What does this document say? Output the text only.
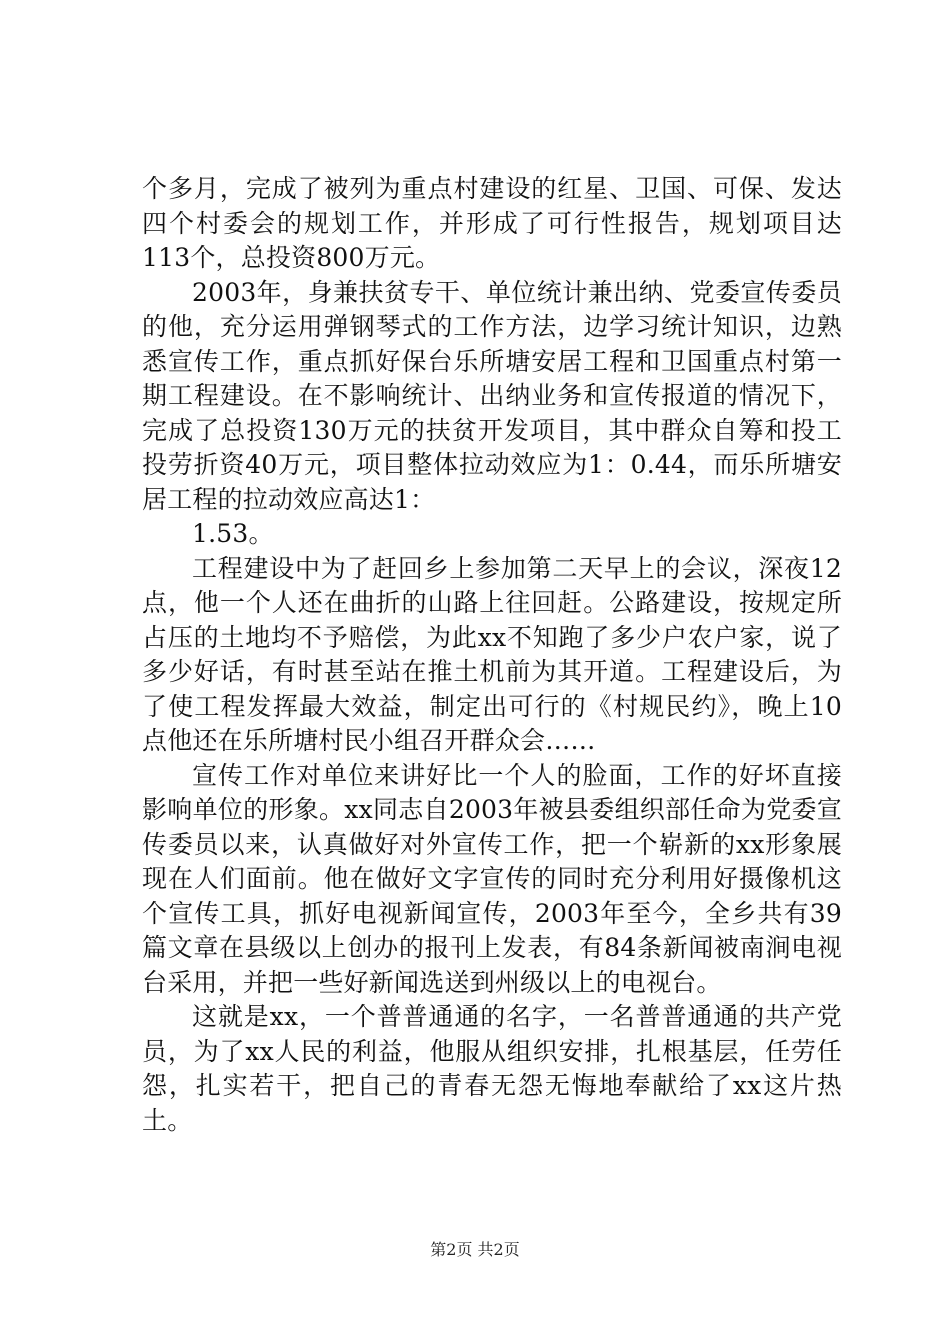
个多月，完成了被列为重点村建设的红星、卫国、可保、发达四个村委会的规划工作，并形成了可行性报告，规划项目达113个，总投资800万元。

2003年，身兼扶贫专干、单位统计兼出纳、党委宣传委员的他，充分运用弹钢琴式的工作方法，边学习统计知识，边熟悉宣传工作，重点抓好保台乐所塘安居工程和卫国重点村第一期工程建设。在不影响统计、出纳业务和宣传报道的情况下，完成了总投资130万元的扶贫开发项目，其中群众自筹和投工投劳折资40万元，项目整体拉动效应为1：0.44，而乐所塘安居工程的拉动效应高达1：

1.53。

工程建设中为了赶回乡上参加第二天早上的会议，深夜12点，他一个人还在曲折的山路上往回赶。公路建设，按规定所占压的土地均不予赔偿，为此xx不知跑了多少户农户家，说了多少好话，有时甚至站在推土机前为其开道。工程建设后，为了使工程发挥最大效益，制定出可行的《村规民约》，晚上10点他还在乐所塘村民小组召开群众会……

宣传工作对单位来讲好比一个人的脸面，工作的好坏直接影响单位的形象。xx同志自2003年被县委组织部任命为党委宣传委员以来，认真做好对外宣传工作，把一个崭新的xx形象展现在人们面前。他在做好文字宣传的同时充分利用好摄像机这个宣传工具，抓好电视新闻宣传，2003年至今，全乡共有39篇文章在县级以上创办的报刊上发表，有84条新闻被南涧电视台采用，并把一些好新闻选送到州级以上的电视台。

这就是xx，一个普普通通的名字，一名普普通通的共产党员，为了xx人民的利益，他服从组织安排，扎根基层，任劳任怨，扎实若干，把自己的青春无怨无悔地奉献给了xx这片热土。

第2页 共2页
